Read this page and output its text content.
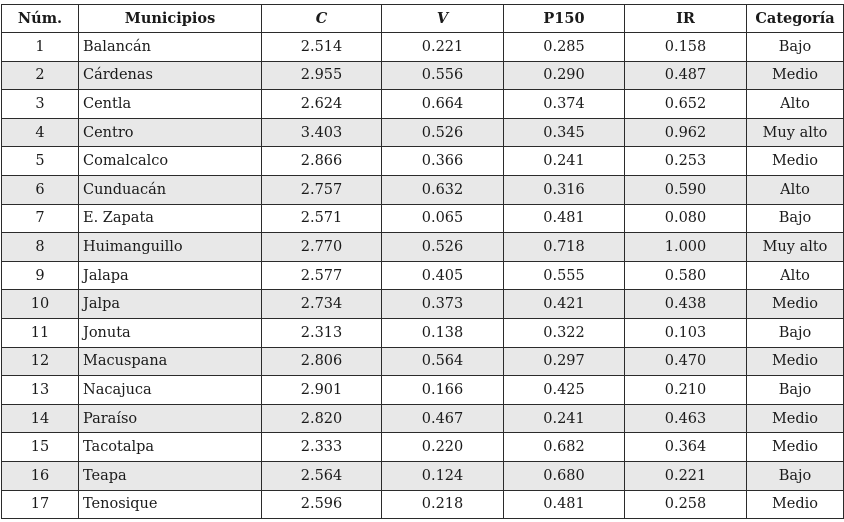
Núm.	Municipios	C	V	P150	IR	Categoría
1	Balancán	2.514	0.221	0.285	0.158	Bajo
2	Cárdenas	2.955	0.556	0.290	0.487	Medio
3	Centla	2.624	0.664	0.374	0.652	Alto
4	Centro	3.403	0.526	0.345	0.962	Muy alto
5	Comalcalco	2.866	0.366	0.241	0.253	Medio
6	Cunduacán	2.757	0.632	0.316	0.590	Alto
7	E. Zapata	2.571	0.065	0.481	0.080	Bajo
8	Huimanguillo	2.770	0.526	0.718	1.000	Muy alto
9	Jalapa	2.577	0.405	0.555	0.580	Alto
10	Jalpa	2.734	0.373	0.421	0.438	Medio
11	Jonuta	2.313	0.138	0.322	0.103	Bajo
12	Macuspana	2.806	0.564	0.297	0.470	Medio
13	Nacajuca	2.901	0.166	0.425	0.210	Bajo
14	Paraíso	2.820	0.467	0.241	0.463	Medio
15	Tacotalpa	2.333	0.220	0.682	0.364	Medio
16	Teapa	2.564	0.124	0.680	0.221	Bajo
17	Tenosique	2.596	0.218	0.481	0.258	Medio
